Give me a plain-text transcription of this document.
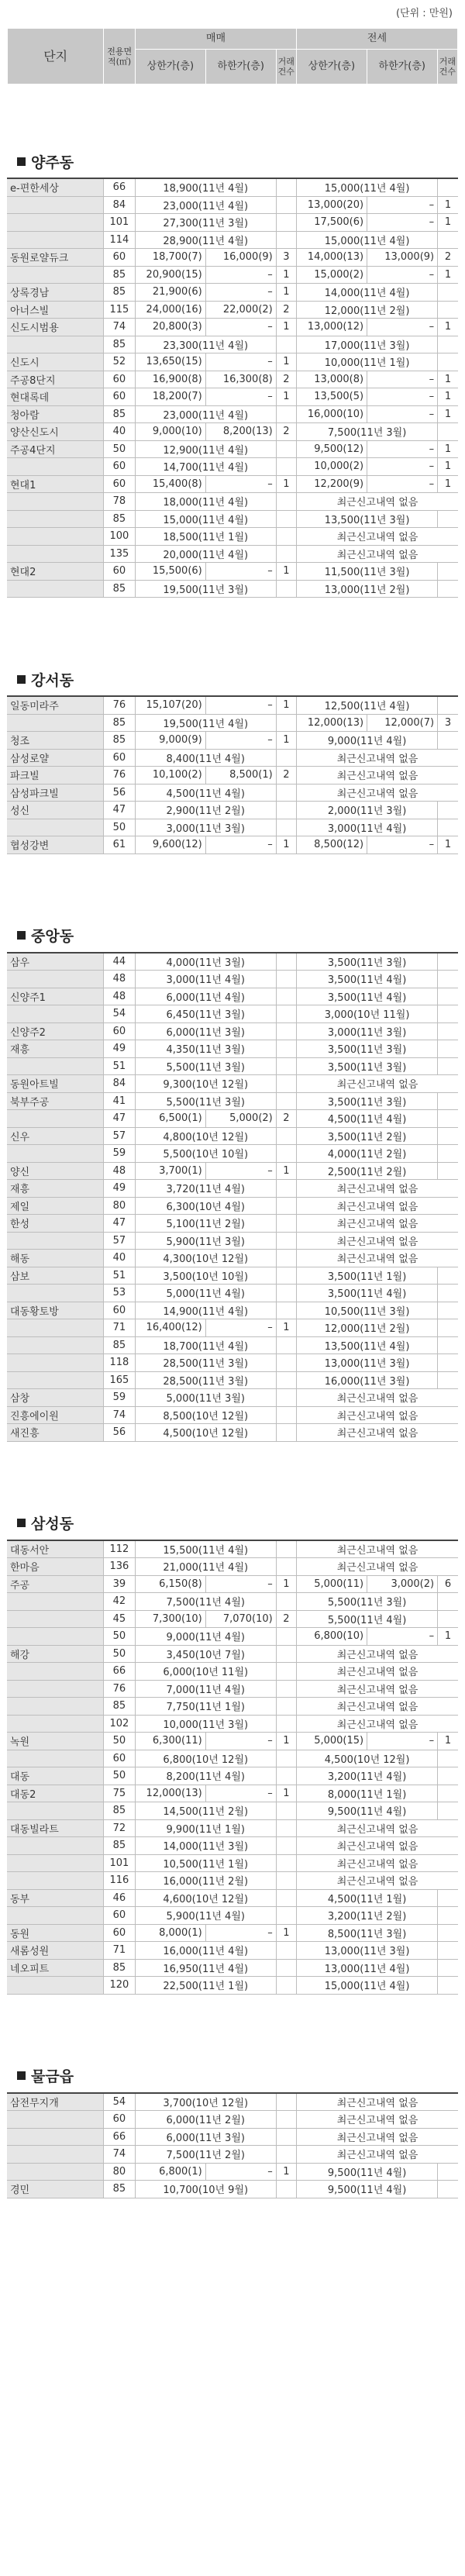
(단위 : 만원)
단지	전용면적(㎡)	매매			전세		
		상한가(층)	하한가(층)	거래건수	상한가(층)	하한가(층)	거래건수
양주동
e-편한세상	66	18,900(11년 4월)			15,000(11년 4월)		
	84	23,000(11년 4월)			13,000(20)	–	1
	101	27,300(11년 3월)			17,500(6)	–	1
	114	28,900(11년 4월)			15,000(11년 4월)		
동원로얄듀크	60	18,700(7)	16,000(9)	3	14,000(13)	13,000(9)	2
	85	20,900(15)	–	1	15,000(2)	–	1
상록경남	85	21,900(6)	–	1	14,000(11년 4월)		
아너스빌	115	24,000(16)	22,000(2)	2	12,000(11년 2월)		
신도시범용	74	20,800(3)	–	1	13,000(12)	–	1
	85	23,300(11년 4월)			17,000(11년 3월)		
신도시	52	13,650(15)	–	1	10,000(11년 1월)		
주공8단지	60	16,900(8)	16,300(8)	2	13,000(8)	–	1
현대록데	60	18,200(7)	–	1	13,500(5)	–	1
청아람	85	23,000(11년 4월)			16,000(10)	–	1
양산신도시	40	9,000(10)	8,200(13)	2	7,500(11년 3월)		
주공4단지	50	12,900(11년 4월)			9,500(12)	–	1
	60	14,700(11년 4월)			10,000(2)	–	1
현대1	60	15,400(8)	–	1	12,200(9)	–	1
	78	18,000(11년 4월)			최근신고내역 없음		
	85	15,000(11년 4월)			13,500(11년 3월)		
	100	18,500(11년 1월)			최근신고내역 없음		
	135	20,000(11년 4월)			최근신고내역 없음		
현대2	60	15,500(6)	–	1	11,500(11년 3월)		
	85	19,500(11년 3월)			13,000(11년 2월)		
강서동
일동미라주	76	15,107(20)	–	1	12,500(11년 4월)		
	85	19,500(11년 4월)			12,000(13)	12,000(7)	3
청조	85	9,000(9)	–	1	9,000(11년 4월)		
삼성로얄	60	8,400(11년 4월)			최근신고내역 없음		
파크빌	76	10,100(2)	8,500(1)	2	최근신고내역 없음		
삼성파크빌	56	4,500(11년 4월)			최근신고내역 없음		
성신	47	2,900(11년 2월)			2,000(11년 3월)		
	50	3,000(11년 3월)			3,000(11년 4월)		
협성강변	61	9,600(12)	–	1	8,500(12)	–	1
중앙동
삼우	44	4,000(11년 3월)			3,500(11년 3월)	
	48	3,000(11년 4월)			3,500(11년 4월)	
신양주1	48	6,000(11년 4월)			3,500(11년 4월)	
	54	6,450(11년 3월)			3,000(10년 11월)	
신양주2	60	6,000(11년 3월)			3,000(11년 3월)	
재흥	49	4,350(11년 3월)			3,500(11년 3월)	
	51	5,500(11년 3월)			3,500(11년 3월)	
동원아트빌	84	9,300(10년 12월)			최근신고내역 없음	
북부주공	41	5,500(11년 3월)			3,500(11년 3월)	
	47	6,500(1)	5,000(2)	2	4,500(11년 4월)	
신우	57	4,800(10년 12월)			3,500(11년 2월)	
	59	5,500(10년 10월)			4,000(11년 2월)	
양신	48	3,700(1)	–	1	2,500(11년 2월)	
재흥	49	3,720(11년 4월)			최근신고내역 없음	
제일	80	6,300(10년 4월)			최근신고내역 없음	
한성	47	5,100(11년 2월)			최근신고내역 없음	
	57	5,900(11년 3월)			최근신고내역 없음	
해동	40	4,300(10년 12월)			최근신고내역 없음	
삼보	51	3,500(10년 10월)			3,500(11년 1월)	
	53	5,000(11년 4월)			3,500(11년 4월)	
대동황토방	60	14,900(11년 4월)			10,500(11년 3월)	
	71	16,400(12)	–	1	12,000(11년 2월)	
	85	18,700(11년 4월)			13,500(11년 4월)	
	118	28,500(11년 3월)			13,000(11년 3월)	
	165	28,500(11년 3월)			16,000(11년 3월)	
삼창	59	5,000(11년 3월)			최근신고내역 없음	
진흥에이원	74	8,500(10년 12월)			최근신고내역 없음	
새진흥	56	4,500(10년 12월)			최근신고내역 없음	
삼성동
대동서안	112	15,500(11년 4월)			최근신고내역 없음		
한마음	136	21,000(11년 4월)			최근신고내역 없음		
주공	39	6,150(8)	–	1	5,000(11)	3,000(2)	6
	42	7,500(11년 4월)			5,500(11년 3월)		
	45	7,300(10)	7,070(10)	2	5,500(11년 4월)		
	50	9,000(11년 4월)			6,800(10)	–	1
해강	50	3,450(10년 7월)			최근신고내역 없음		
	66	6,000(10년 11월)			최근신고내역 없음		
	76	7,000(11년 4월)			최근신고내역 없음		
	85	7,750(11년 1월)			최근신고내역 없음		
	102	10,000(11년 3월)			최근신고내역 없음		
녹원	50	6,300(11)	–	1	5,000(15)	–	1
	60	6,800(10년 12월)			4,500(10년 12월)		
대동	50	8,200(11년 4월)			3,200(11년 4월)		
대동2	75	12,000(13)	–	1	8,000(11년 1월)		
	85	14,500(11년 2월)			9,500(11년 4월)		
대동빌라트	72	9,900(11년 1월)			최근신고내역 없음		
	85	14,000(11년 3월)			최근신고내역 없음		
	101	10,500(11년 1월)			최근신고내역 없음		
	116	16,000(11년 2월)			최근신고내역 없음		
동부	46	4,600(10년 12월)			4,500(11년 1월)		
	60	5,900(11년 4월)			3,200(11년 2월)		
동원	60	8,000(1)	–	1	8,500(11년 3월)		
새롬성원	71	16,000(11년 4월)			13,000(11년 3월)		
네오피트	85	16,950(11년 4월)			13,000(11년 4월)		
	120	22,500(11년 1월)			15,000(11년 4월)		
물금읍
삼전무지개	54	3,700(10년 12월)			최근신고내역 없음	
	60	6,000(11년 2월)			최근신고내역 없음	
	66	6,000(11년 3월)			최근신고내역 없음	
	74	7,500(11년 2월)			최근신고내역 없음	
	80	6,800(1)	–	1	9,500(11년 4월)	
경민	85	10,700(10년 9월)			9,500(11년 4월)	
